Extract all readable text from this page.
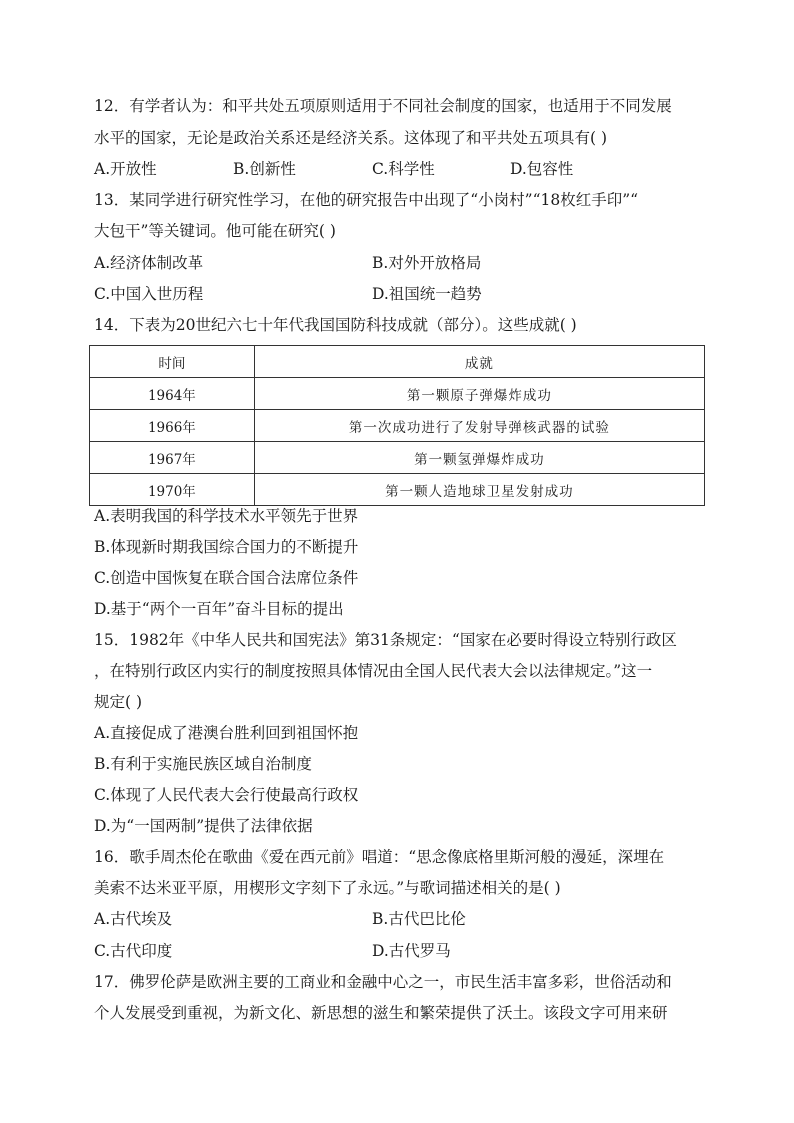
12．有学者认为：和平共处五项原则适用于不同社会制度的国家，也适用于不同发展
水平的国家，无论是政治关系还是经济关系。这体现了和平共处五项具有( )
A.开放性	B.创新性	C.科学性	D.包容性
13．某同学进行研究性学习，在他的研究报告中出现了“小岗村”“18枚红手印”“
大包干”等关键词。他可能在研究( )
A.经济体制改革	B.对外开放格局
C.中国入世历程	D.祖国统一趋势
14．下表为20世纪六七十年代我国国防科技成就（部分）。这些成就( )
时间	成就
1964年	第一颗原子弹爆炸成功
1966年	第一次成功进行了发射导弹核武器的试验
1967年	第一颗氢弹爆炸成功
1970年	第一颗人造地球卫星发射成功
A.表明我国的科学技术水平领先于世界
B.体现新时期我国综合国力的不断提升
C.创造中国恢复在联合国合法席位条件
D.基于“两个一百年”奋斗目标的提出
15．1982年《中华人民共和国宪法》第31条规定：“国家在必要时得设立特别行政区
，在特别行政区内实行的制度按照具体情况由全国人民代表大会以法律规定。”这一
规定( )
A.直接促成了港澳台胜利回到祖国怀抱
B.有利于实施民族区域自治制度
C.体现了人民代表大会行使最高行政权
D.为“一国两制”提供了法律依据
16．歌手周杰伦在歌曲《爱在西元前》唱道：“思念像底格里斯河般的漫延，深埋在
美索不达米亚平原，用楔形文字刻下了永远。”与歌词描述相关的是( )
A.古代埃及	B.古代巴比伦
C.古代印度	D.古代罗马
17．佛罗伦萨是欧洲主要的工商业和金融中心之一，市民生活丰富多彩，世俗活动和
个人发展受到重视，为新文化、新思想的滋生和繁荣提供了沃土。该段文字可用来研
